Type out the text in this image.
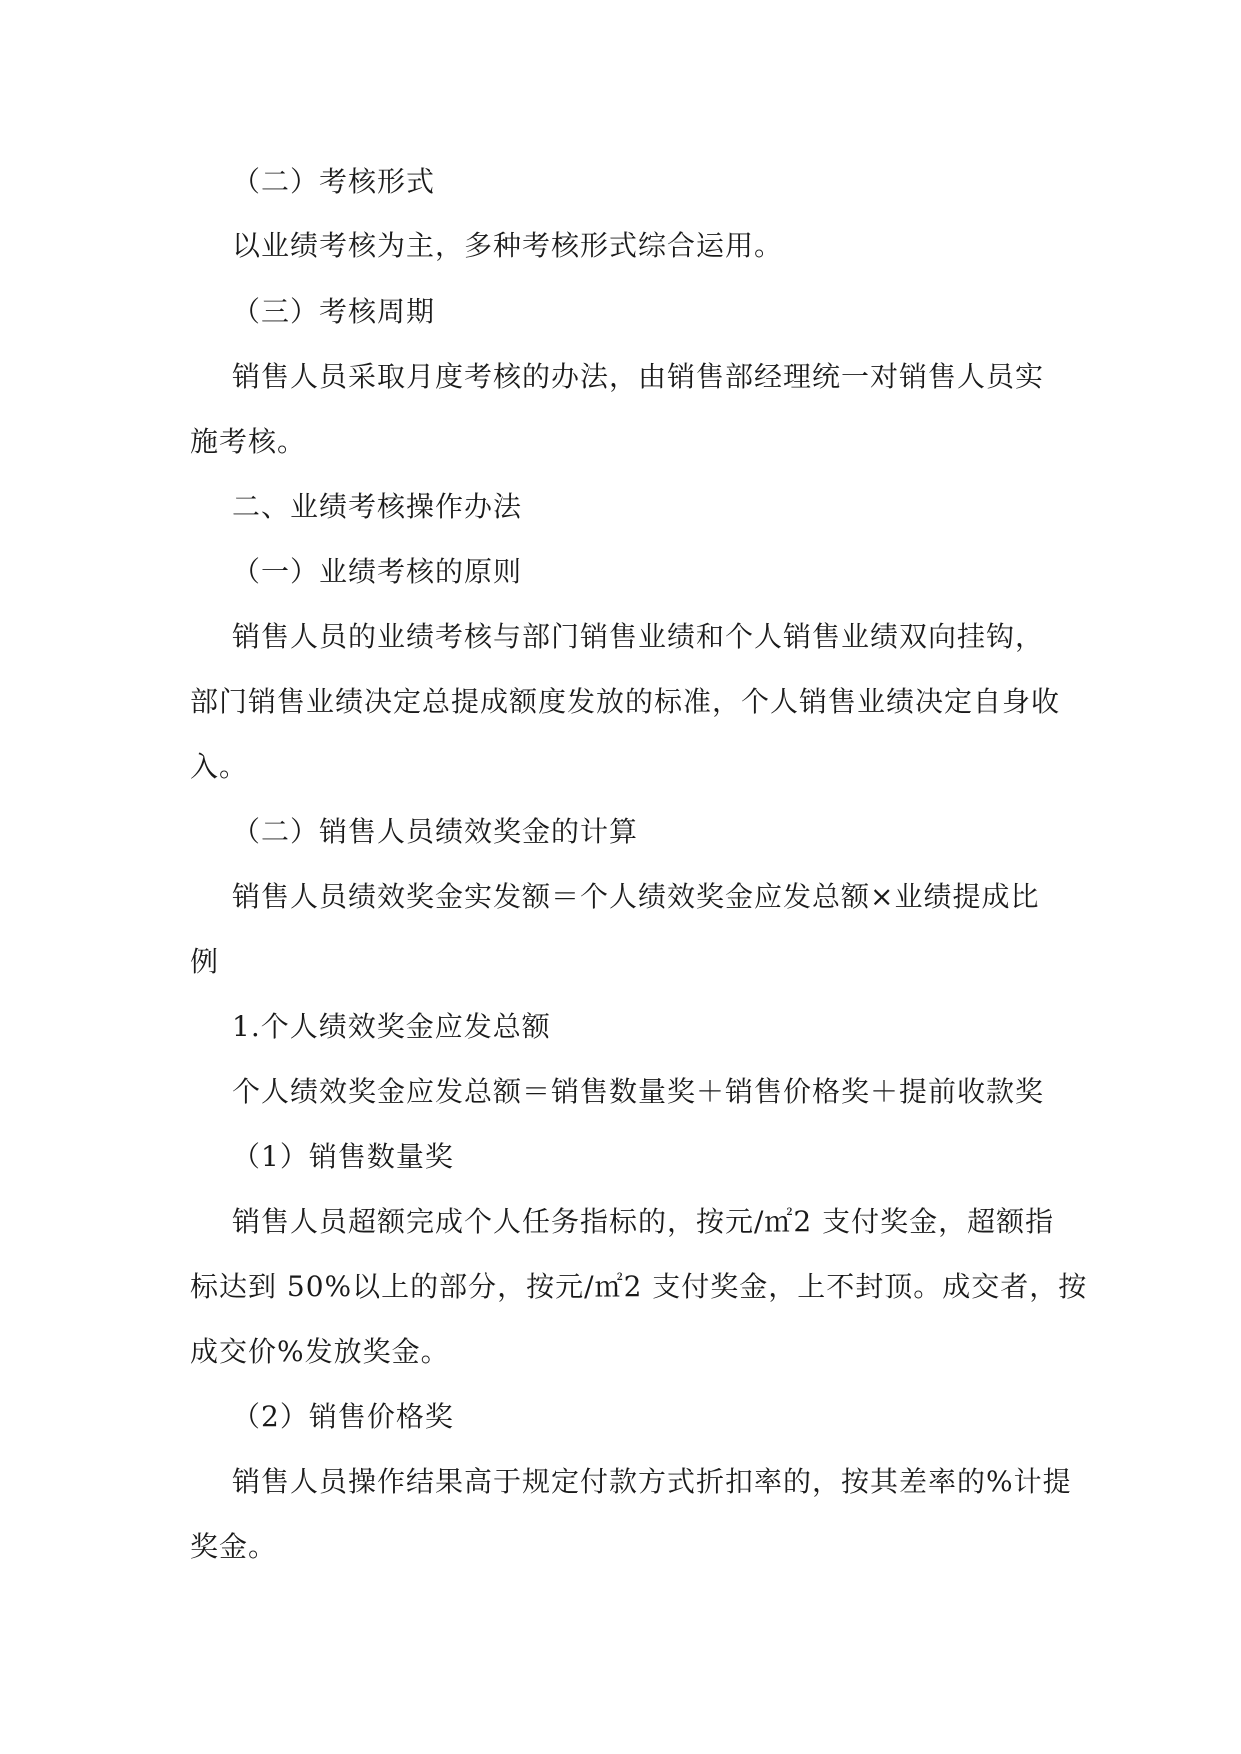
（二）考核形式
以业绩考核为主，多种考核形式综合运用。
（三）考核周期
销售人员采取月度考核的办法，由销售部经理统一对销售人员实
施考核。
二、业绩考核操作办法
（一）业绩考核的原则
销售人员的业绩考核与部门销售业绩和个人销售业绩双向挂钩，
部门销售业绩决定总提成额度发放的标准，个人销售业绩决定自身收
入。
（二）销售人员绩效奖金的计算
销售人员绩效奖金实发额＝个人绩效奖金应发总额×业绩提成比
例
1.个人绩效奖金应发总额
个人绩效奖金应发总额＝销售数量奖＋销售价格奖＋提前收款奖
（1）销售数量奖
销售人员超额完成个人任务指标的，按元/㎡2 支付奖金，超额指
标达到 50%以上的部分，按元/㎡2 支付奖金，上不封顶。成交者，按
成交价%发放奖金。
（2）销售价格奖
销售人员操作结果高于规定付款方式折扣率的，按其差率的%计提
奖金。
